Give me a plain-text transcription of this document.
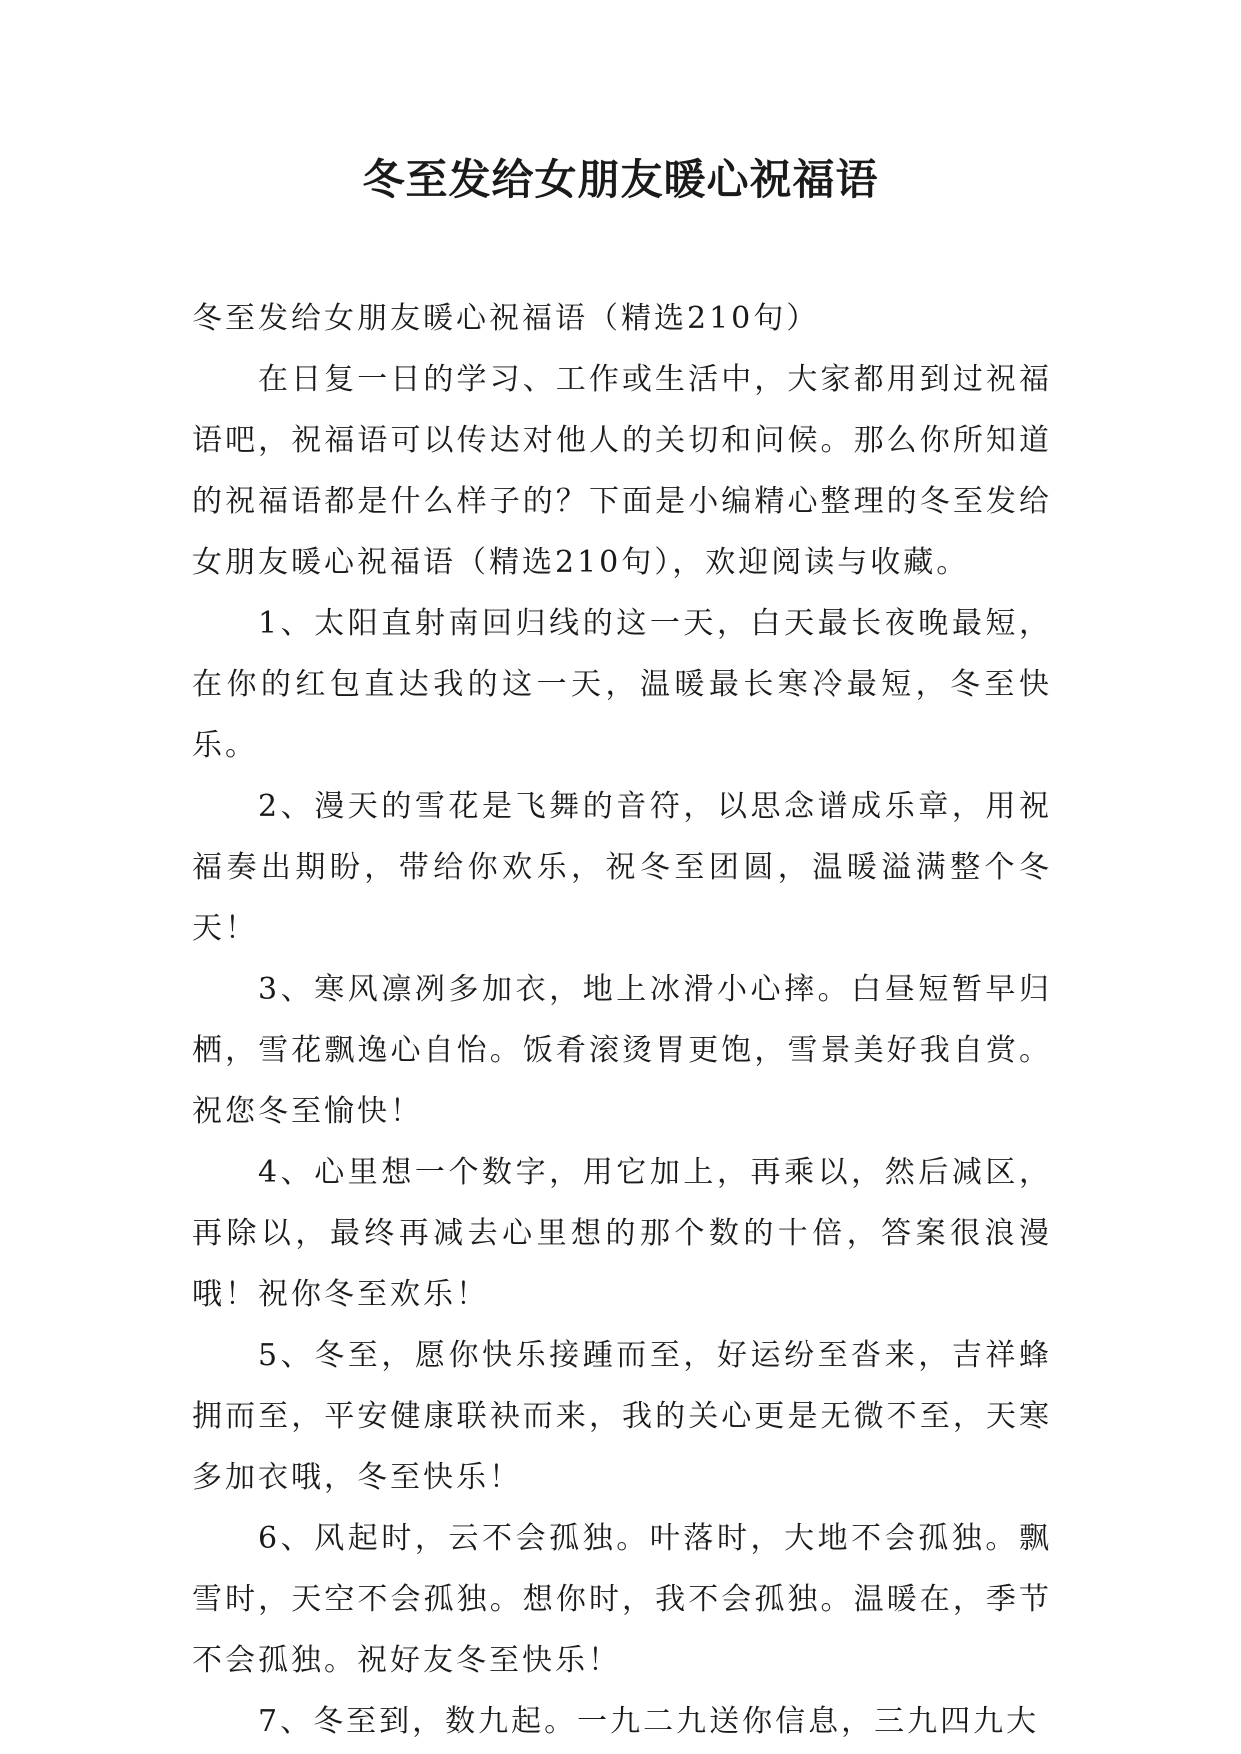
冬至发给女朋友暖心祝福语

冬至发给女朋友暖心祝福语（精选210句）

在日复一日的学习、工作或生活中，大家都用到过祝福语吧，祝福语可以传达对他人的关切和问候。那么你所知道的祝福语都是什么样子的？下面是小编精心整理的冬至发给女朋友暖心祝福语（精选210句），欢迎阅读与收藏。

1、太阳直射南回归线的这一天，白天最长夜晚最短，在你的红包直达我的这一天，温暖最长寒冷最短，冬至快乐。

2、漫天的雪花是飞舞的音符，以思念谱成乐章，用祝福奏出期盼，带给你欢乐，祝冬至团圆，温暖溢满整个冬天！

3、寒风凛冽多加衣，地上冰滑小心摔。白昼短暂早归栖，雪花飘逸心自怡。饭肴滚烫胃更饱，雪景美好我自赏。祝您冬至愉快！

4、心里想一个数字，用它加上，再乘以，然后减区，再除以，最终再减去心里想的那个数的十倍，答案很浪漫哦！祝你冬至欢乐！

5、冬至，愿你快乐接踵而至，好运纷至沓来，吉祥蜂拥而至，平安健康联袂而来，我的关心更是无微不至，天寒多加衣哦，冬至快乐！

6、风起时，云不会孤独。叶落时，大地不会孤独。飘雪时，天空不会孤独。想你时，我不会孤独。温暖在，季节不会孤独。祝好友冬至快乐！

7、冬至到，数九起。一九二九送你信息，三九四九大
